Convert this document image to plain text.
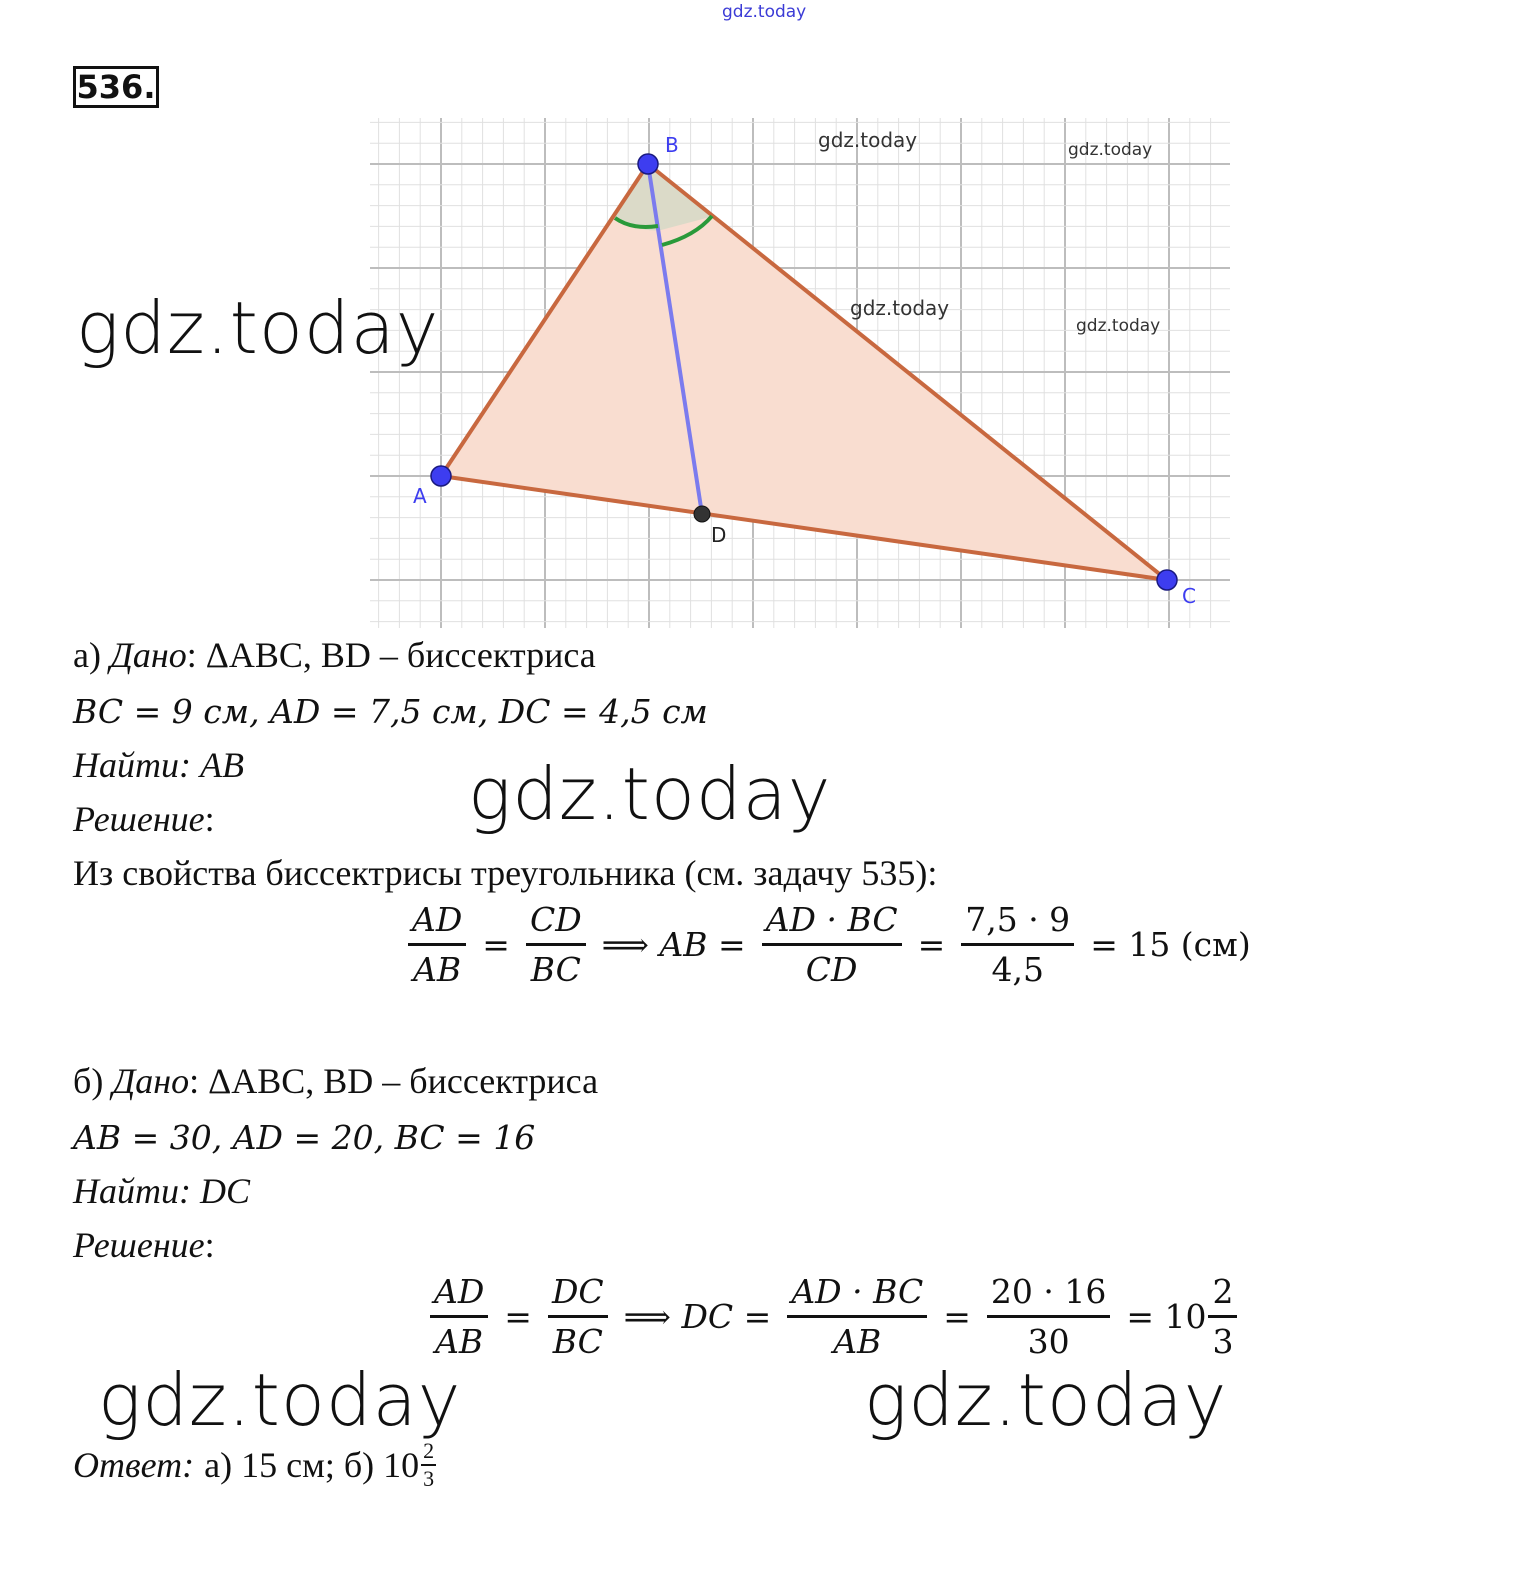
gdz.today
536.
A
B
C
D
gdz.today	gdz.today
gdz.today
gdz.today
gdz.today
а) Дано: ΔABC, BD – биссектриса
BC = 9 см, AD = 7,5 см, DC = 4,5 см
Найти: AB
Решение:	gdz.today
Из свойства биссектрисы треугольника (см. задачу 535):
$\frac{AD}{AB} = \frac{CD}{BC}$ ⟹ AB = $\frac{AD \cdot BC}{CD} = \frac{7,5 \cdot 9}{4,5} = 15$ (см)
б) Дано: ΔABC, BD – биссектриса
AB = 30, AD = 20, BC = 16
Найти: DC
Решение:
$\frac{AD}{AB} = \frac{DC}{BC}$ ⟹ DC = $\frac{AD \cdot BC}{AB} = \frac{20 \cdot 16}{30} = 10 \frac{2}{3}$
gdz.today	gdz.today
Ответ: а) 15 см; б) $10 \frac{2}{3}$
